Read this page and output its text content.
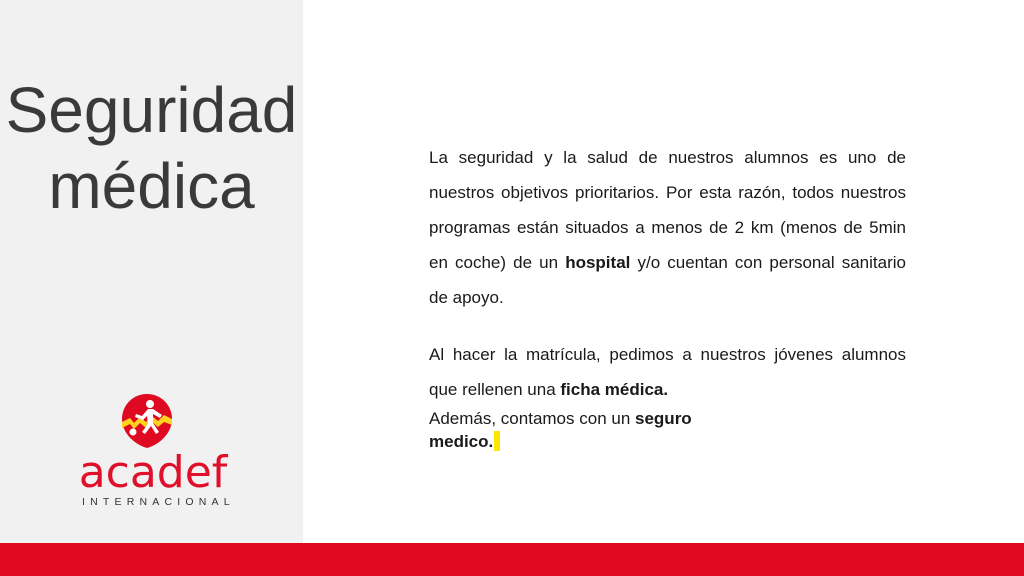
Seguridad
médica
acadef
INTERNACIONAL

La seguridad y la salud de nuestros alumnos es uno de nuestros objetivos prioritarios. Por esta razón, todos nuestros programas están situados a menos de 2 km (menos de 5min en coche) de un hospital y/o cuentan con personal sanitario de apoyo.

Al hacer la matrícula, pedimos a nuestros jóvenes alumnos que rellenen una ficha médica.

Además, contamos con un seguro medico.
